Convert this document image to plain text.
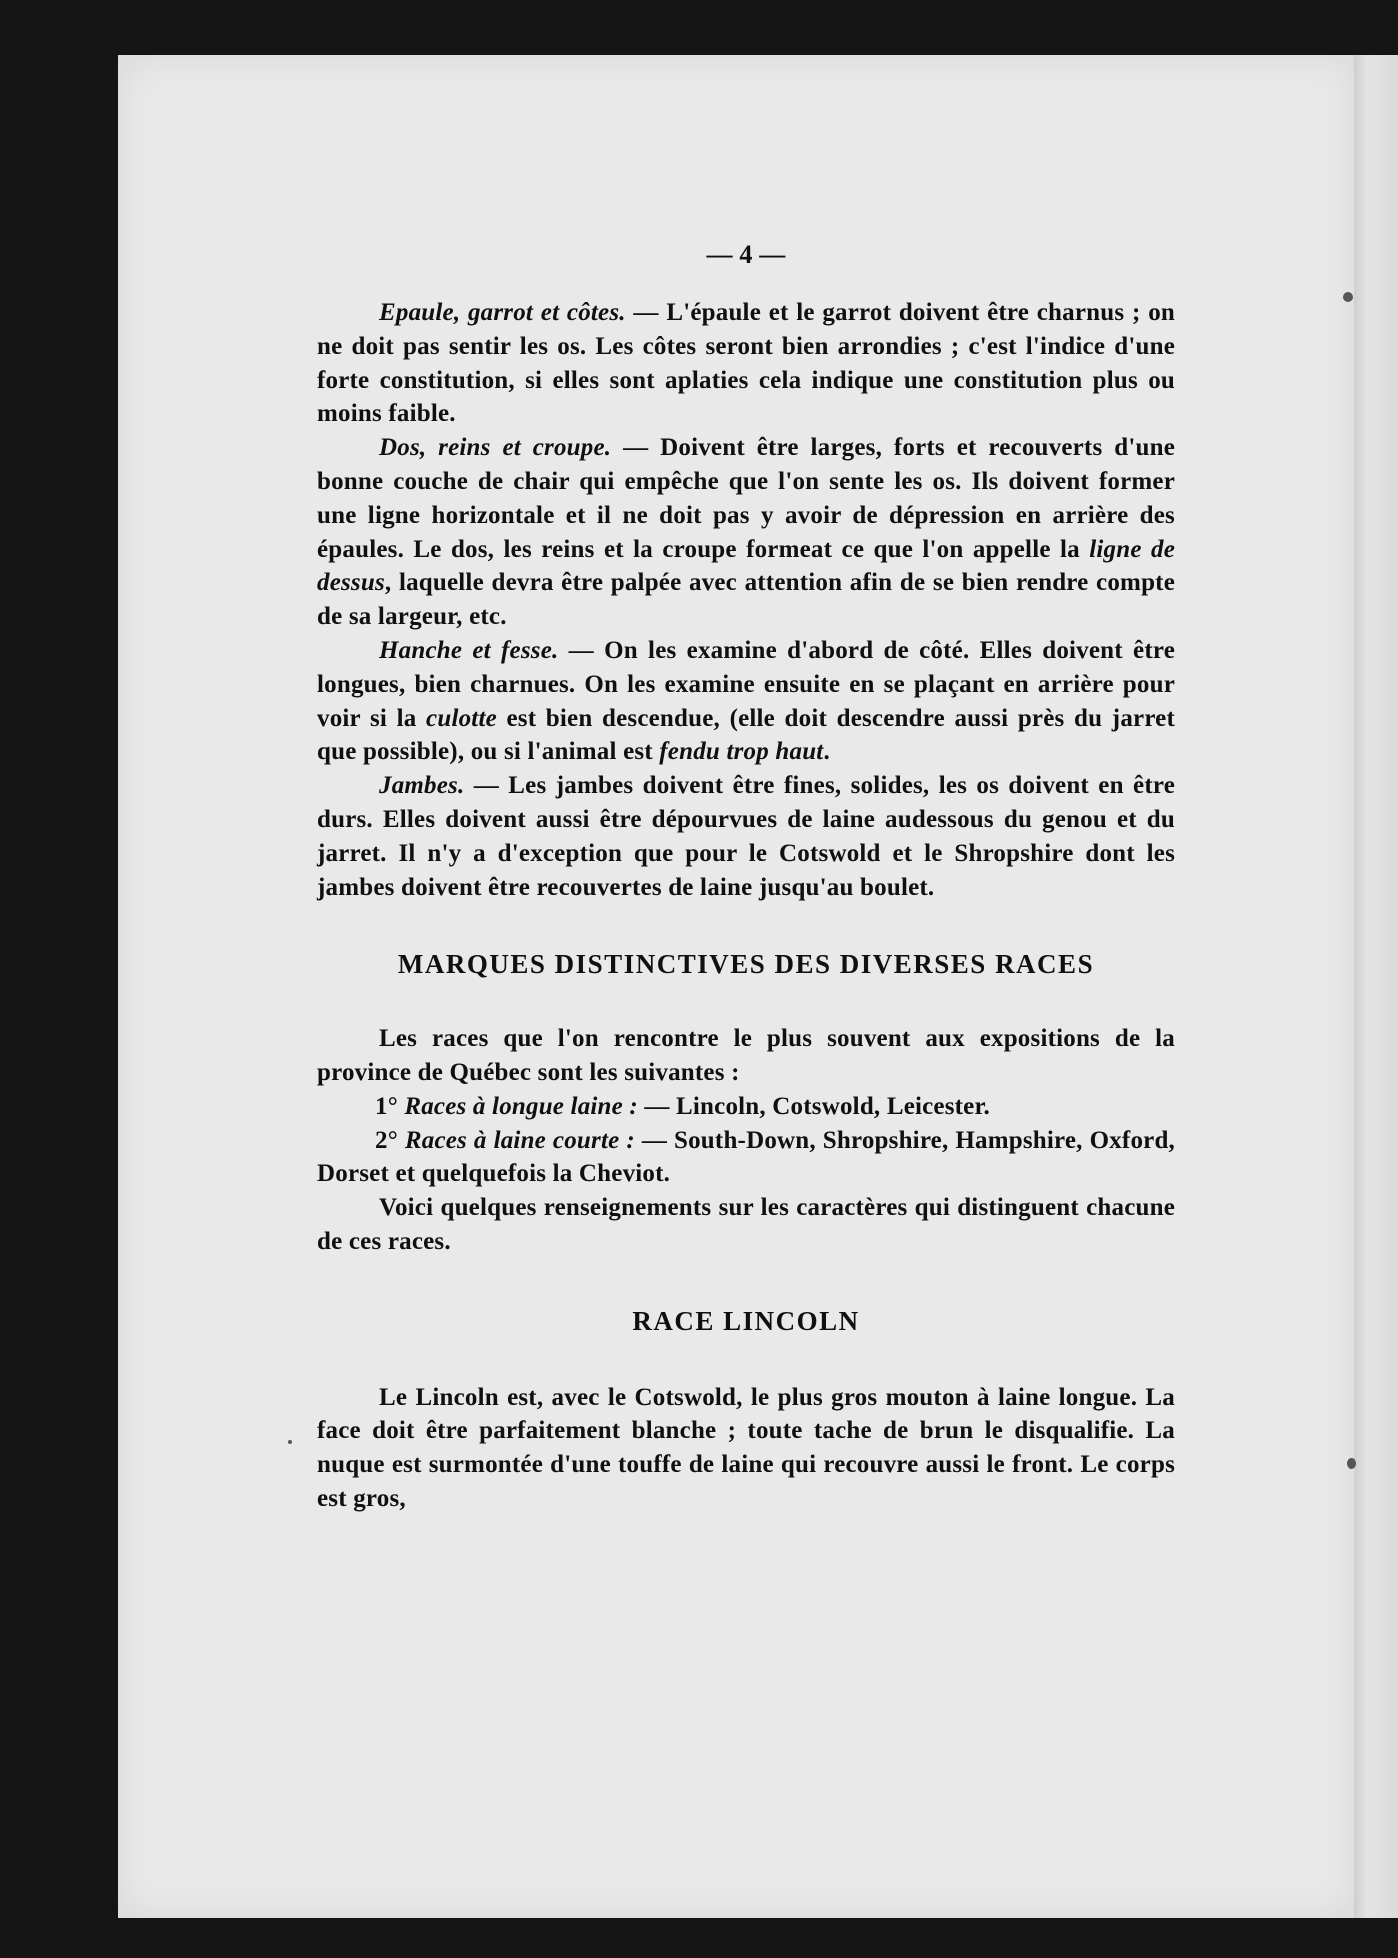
— 4 —

Epaule, garrot et côtes. — L'épaule et le garrot doivent être charnus ; on ne doit pas sentir les os. Les côtes seront bien arrondies ; c'est l'indice d'une forte constitution, si elles sont aplaties cela indique une constitution plus ou moins faible.

Dos, reins et croupe. — Doivent être larges, forts et recouverts d'une bonne couche de chair qui empêche que l'on sente les os. Ils doivent former une ligne horizontale et il ne doit pas y avoir de dépression en arrière des épaules. Le dos, les reins et la croupe formeat ce que l'on appelle la ligne de dessus, laquelle devra être palpée avec attention afin de se bien rendre compte de sa largeur, etc.

Hanche et fesse. — On les examine d'abord de côté. Elles doivent être longues, bien charnues. On les examine ensuite en se plaçant en arrière pour voir si la culotte est bien descendue, (elle doit descendre aussi près du jarret que possible), ou si l'animal est fendu trop haut.

Jambes. — Les jambes doivent être fines, solides, les os doivent en être durs. Elles doivent aussi être dépourvues de laine audessous du genou et du jarret. Il n'y a d'exception que pour le Cotswold et le Shropshire dont les jambes doivent être recouvertes de laine jusqu'au boulet.

MARQUES DISTINCTIVES DES DIVERSES RACES

Les races que l'on rencontre le plus souvent aux expositions de la province de Québec sont les suivantes :

1° Races à longue laine : — Lincoln, Cotswold, Leicester.

2° Races à laine courte : — South-Down, Shropshire, Hampshire, Oxford, Dorset et quelquefois la Cheviot.

Voici quelques renseignements sur les caractères qui distinguent chacune de ces races.

RACE LINCOLN

Le Lincoln est, avec le Cotswold, le plus gros mouton à laine longue. La face doit être parfaitement blanche ; toute tache de brun le disqualifie. La nuque est surmontée d'une touffe de laine qui recouvre aussi le front. Le corps est gros,
